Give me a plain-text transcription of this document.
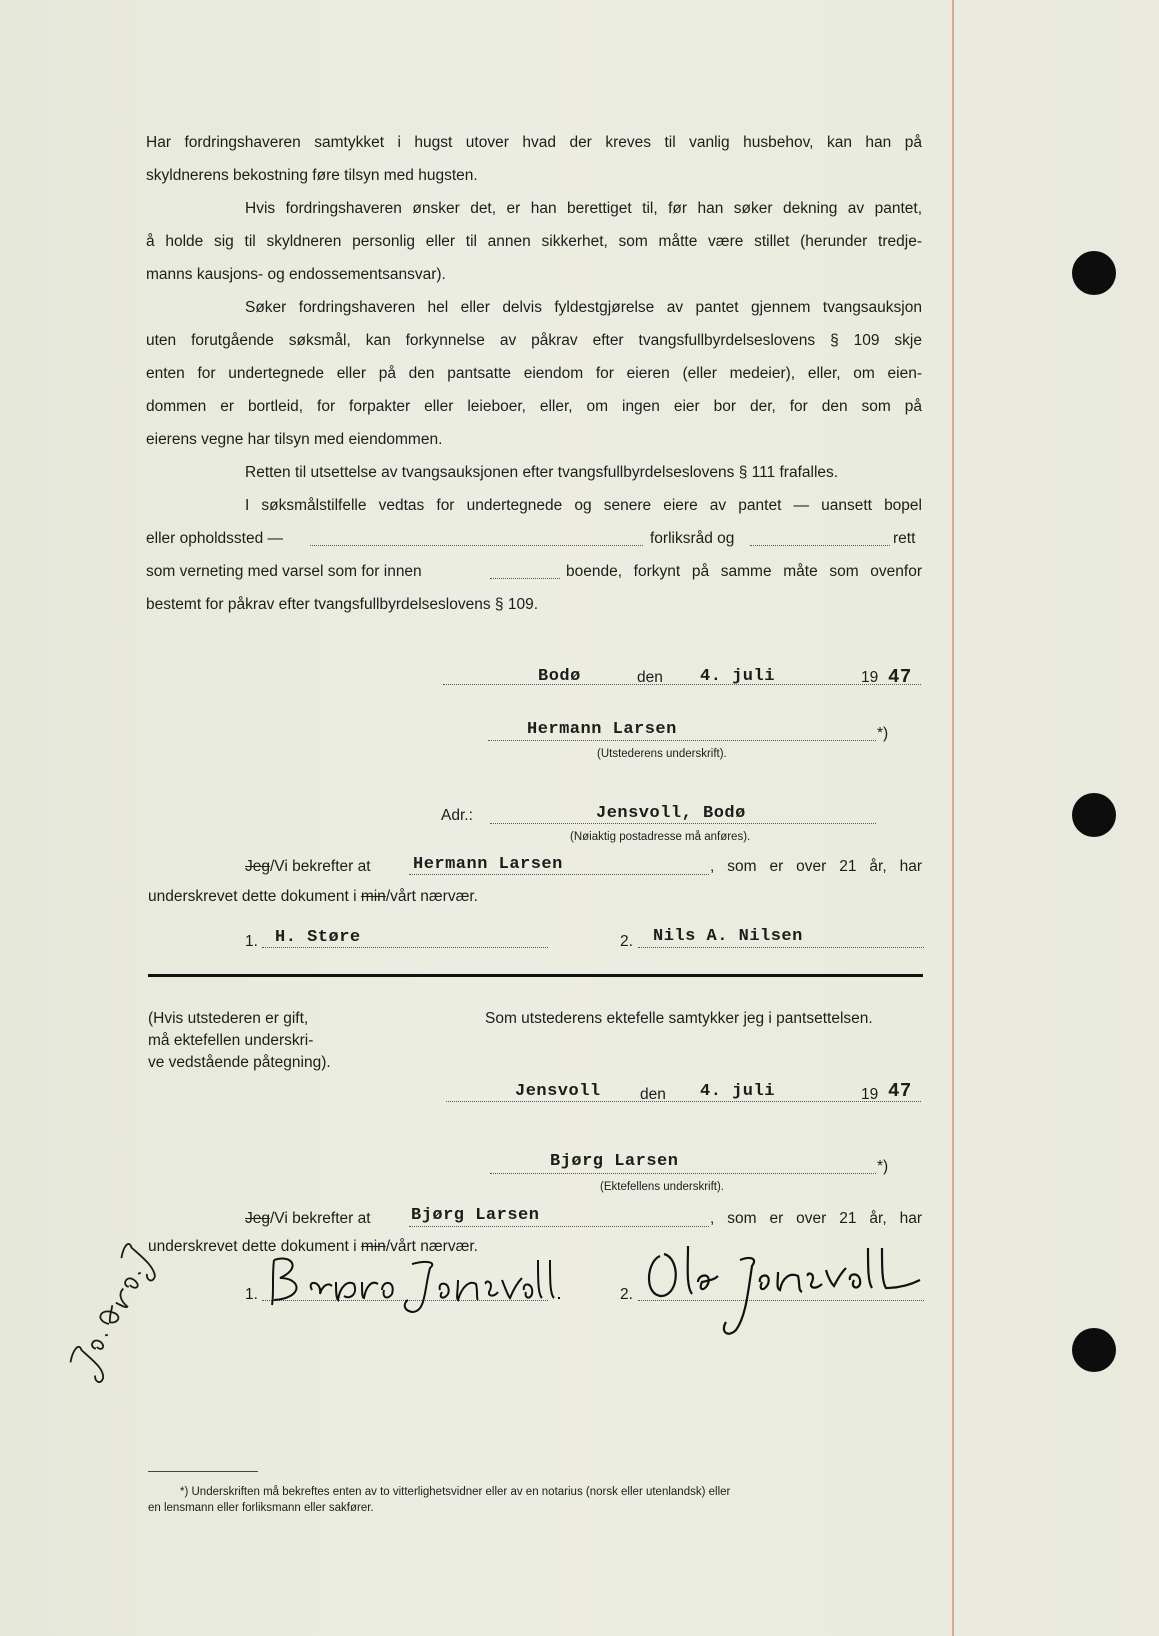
Har fordringshaveren samtykket i hugst utover hvad der kreves til vanlig husbehov, kan han på
skyldnerens bekostning føre tilsyn med hugsten.
Hvis fordringshaveren ønsker det, er han berettiget til, før han søker dekning av pantet,
å holde sig til skyldneren personlig eller til annen sikkerhet, som måtte være stillet (herunder tredje-
manns kausjons- og endossementsansvar).
Søker fordringshaveren hel eller delvis fyldestgjørelse av pantet gjennem tvangsauksjon
uten forutgående søksmål, kan forkynnelse av påkrav efter tvangsfullbyrdelseslovens § 109 skje
enten for undertegnede eller på den pantsatte eiendom for eieren (eller medeier), eller, om eien-
dommen er bortleid, for forpakter eller leieboer, eller, om ingen eier bor der, for den som på
eierens vegne har tilsyn med eiendommen.
Retten til utsettelse av tvangsauksjonen efter tvangsfullbyrdelseslovens § 111 frafalles.
I søksmålstilfelle vedtas for undertegnede og senere eiere av pantet — uansett bopel
eller opholdssted —	forliksråd og	rett
som verneting med varsel som for innen	boende, forkynt på samme måte som ovenfor
bestemt for påkrav efter tvangsfullbyrdelseslovens § 109.
Bodø	den 4. juli	19 47
Hermann Larsen	*)
(Utstederens underskrift).
Adr.:	Jensvoll, Bodø
(Nøiaktig postadresse må anføres).
Jeg/Vi bekrefter at Hermann Larsen	, som er over 21 år, har
underskrevet dette dokument i min/vårt nærvær.
1. H. Støre	2. Nils A. Nilsen
(Hvis utstederen er gift,
må ektefellen underskri-
ve vedstående påtegning).
Som utstederens ektefelle samtykker jeg i pantsettelsen.
Jensvoll	den 4. juli	19 47
Bjørg Larsen	*)
(Ektefellens underskrift).
Jeg/Vi bekrefter at Bjørg Larsen	, som er over 21 år, har
underskrevet dette dokument i min/vårt nærvær.
1.	2.
*) Underskriften må bekreftes enten av to vitterlighetsvidner eller av en notarius (norsk eller utenlandsk) eller
en lensmann eller forliksmann eller sakfører.
